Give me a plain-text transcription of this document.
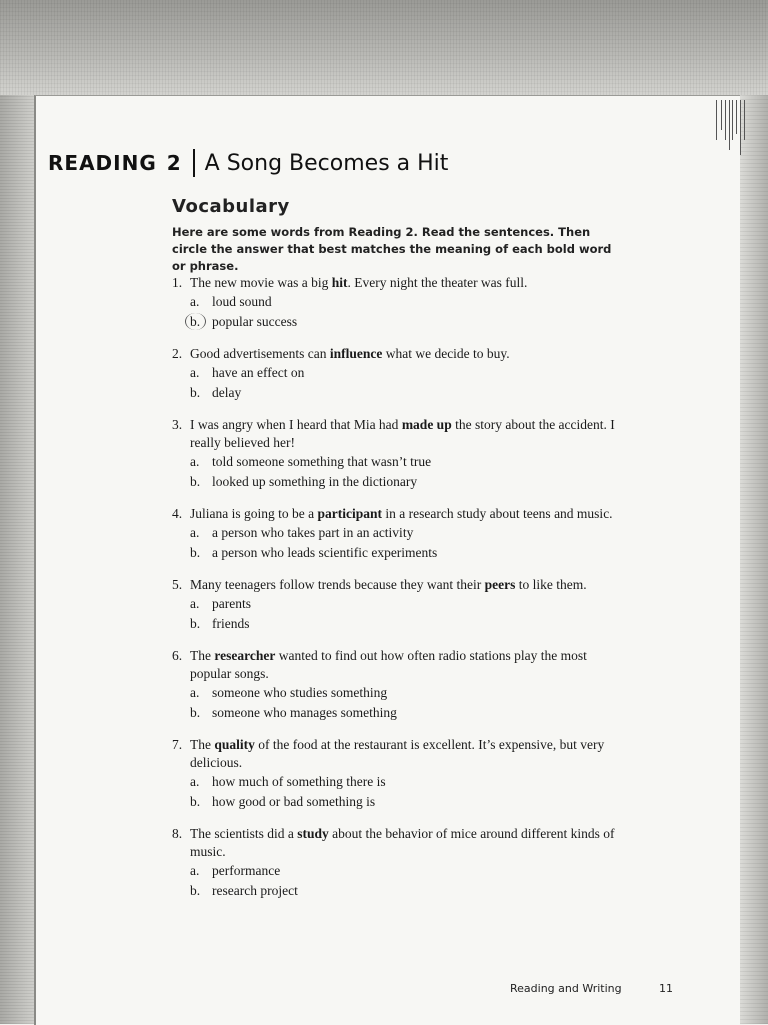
READING 2 A Song Becomes a Hit
Vocabulary
Here are some words from Reading 2. Read the sentences. Then circle the answer that best matches the meaning of each bold word or phrase.
1. The new movie was a big hit. Every night the theater was full.
a. loud sound
b. popular success
2. Good advertisements can influence what we decide to buy.
a. have an effect on
b. delay
3. I was angry when I heard that Mia had made up the story about the accident. I really believed her!
a. told someone something that wasn’t true
b. looked up something in the dictionary
4. Juliana is going to be a participant in a research study about teens and music.
a. a person who takes part in an activity
b. a person who leads scientific experiments
5. Many teenagers follow trends because they want their peers to like them.
a. parents
b. friends
6. The researcher wanted to find out how often radio stations play the most popular songs.
a. someone who studies something
b. someone who manages something
7. The quality of the food at the restaurant is excellent. It’s expensive, but very delicious.
a. how much of something there is
b. how good or bad something is
8. The scientists did a study about the behavior of mice around different kinds of music.
a. performance
b. research project
Reading and Writing	11
